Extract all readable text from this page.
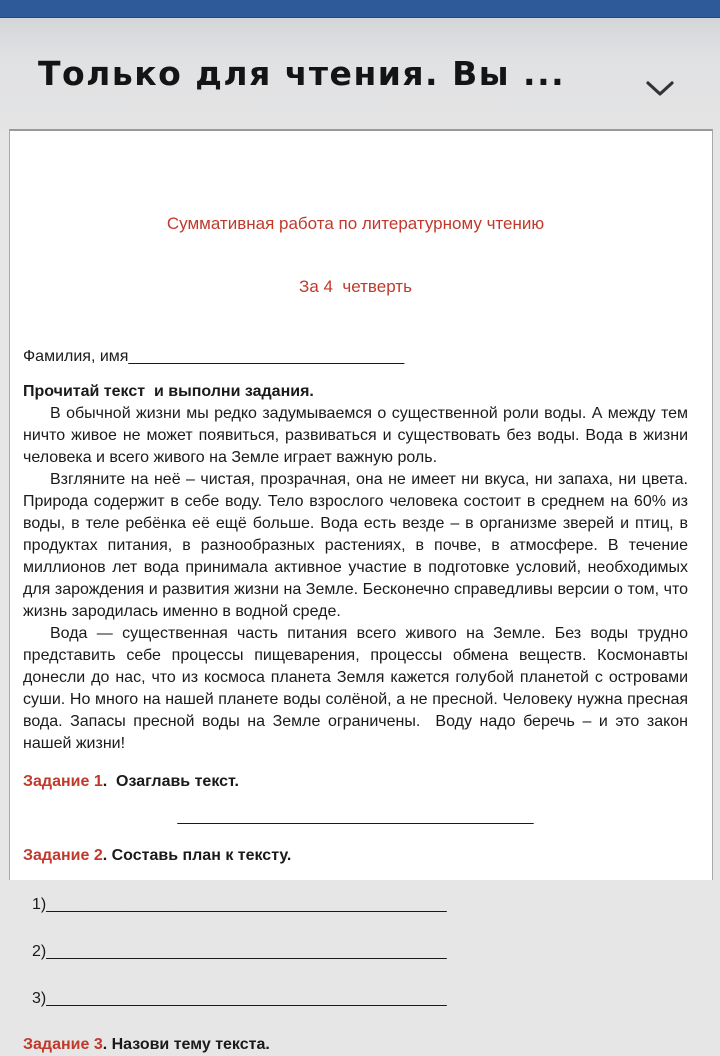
Только для чтения. Вы ...

Суммативная работа по литературному чтению

За 4  четверть

Фамилия, имя_______________________________
Прочитай текст  и выполни задания.
В обычной жизни мы редко задумываемся о существенной роли воды. А между тем ничто живое не может появиться, развиваться и существовать без воды. Вода в жизни человека и всего живого на Земле играет важную роль.
Взгляните на неё – чистая, прозрачная, она не имеет ни вкуса, ни запаха, ни цвета. Природа содержит в себе воду. Тело взрослого человека состоит в среднем на 60% из воды, в теле ребёнка её ещё больше. Вода есть везде – в организме зверей и птиц, в продуктах питания, в разнообразных растениях, в почве, в атмосфере. В течение миллионов лет вода принимала активное участие в подготовке условий, необходимых для зарождения и развития жизни на Земле. Бесконечно справедливы версии о том, что жизнь зародилась именно в водной среде.
Вода — существенная часть питания всего живого на Земле. Без воды трудно представить себе процессы пищеварения, процессы обмена веществ. Космонавты донесли до нас, что из космоса планета Земля кажется голубой планетой с островами суши. Но много на нашей планете воды солёной, а не пресной. Человеку нужна пресная вода. Запасы пресной воды на Земле ограничены.  Воду надо беречь – и это закон нашей жизни!
Задание 1.  Озаглавь текст.
________________________________________
Задание 2. Составь план к тексту.
1)_____________________________________________
2)_____________________________________________
3)_____________________________________________
Задание 3. Назови тему текста.
